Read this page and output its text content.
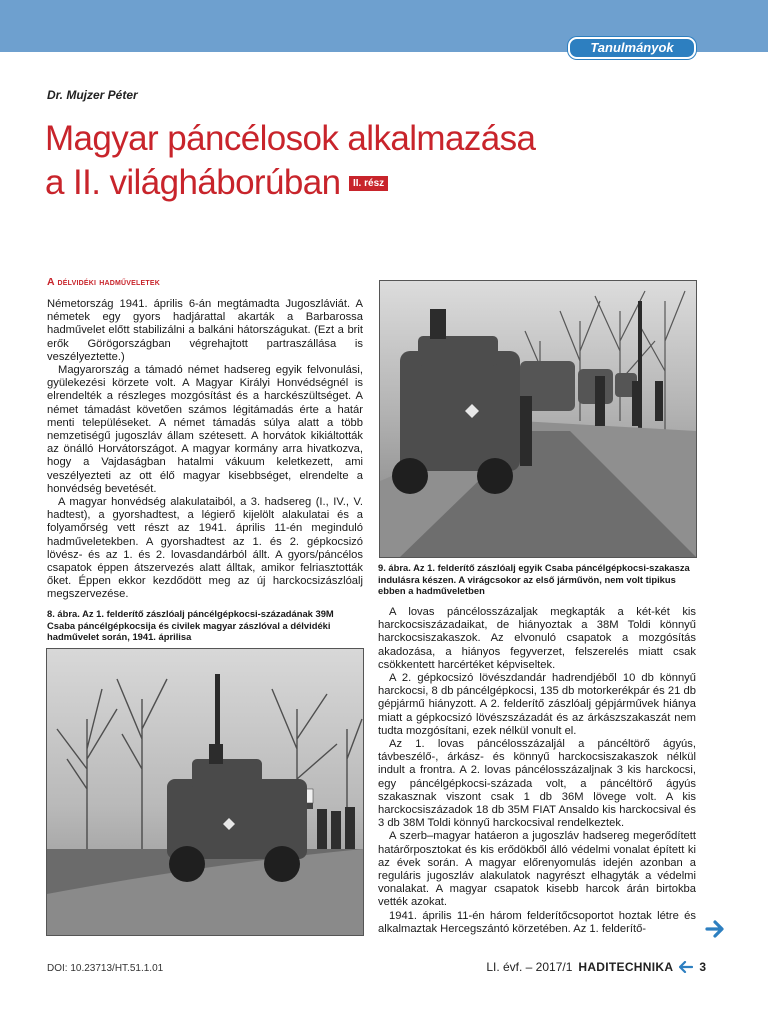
Tanulmányok
Dr. Mujzer Péter
Magyar páncélosok alkalmazása
a II. világháborúban	II. rész
A délvidéki hadműveletek

Németország 1941. április 6-án megtámadta Jugoszláviát. A németek egy gyors hadjárattal akarták a Barbarossa hadművelet előtt stabilizálni a balkáni hátországukat. (Ezt a brit erők Görögországban végrehajtott partraszállása is veszélyeztette.)

Magyarország a támadó német hadsereg egyik felvonulási, gyülekezési körzete volt. A Magyar Királyi Honvédségnél is elrendelték a részleges mozgósítást és a harckészültséget. A német támadást követően számos légitámadás érte a határ menti településeket. A német támadás súlya alatt a több nemzetiségű jugoszláv állam szétesett. A horvátok kikiáltották az önálló Horvátországot. A magyar kormány arra hivatkozva, hogy a Vajdaságban hatalmi vákuum keletkezett, ami veszélyezteti az ott élő magyar kisebbséget, elrendelte a honvédség bevetését.

A magyar honvédség alakulataiból, a 3. hadsereg (I., IV., V. hadtest), a gyorshadtest, a légierő kijelölt alakulatai és a folyamőrség vett részt az 1941. április 11-én meginduló hadműveletekben. A gyorshadtest az 1. és 2. gépkocsizó lövész- és az 1. és 2. lovasdandárból állt. A gyors/páncélos csapatok éppen átszervezés alatt álltak, amikor felriasztották őket. Éppen ekkor kezdődött meg az új harckocsizászlóalj megszervezése.

8. ábra. Az 1. felderítő zászlóalj páncélgépkocsi-századának 39M Csaba páncélgépkocsija és civilek magyar zászlóval a délvidéki hadművelet során, 1941. áprilisa
9. ábra. Az 1. felderítő zászlóalj egyik Csaba páncélgépkocsi-szakasza indulásra készen. A virágcsokor az első járművön, nem volt tipikus ebben a hadműveletben

A lovas páncélosszázaljak megkapták a két-két kis harckocsiszázadaikat, de hiányoztak a 38M Toldi könnyű harckocsiszakaszok. Az elvonuló csapatok a mozgósítás akadozása, a hiányos fegyverzet, felszerelés miatt csak csökkentett harcértéket képviseltek.

A 2. gépkocsizó lövészdandár hadrendjéből 10 db könnyű harckocsi, 8 db páncélgépkocsi, 135 db motorkerékpár és 21 db gépjármű hiányzott. A 2. felderítő zászlóalj gépjárművek hiánya miatt a gépkocsizó lövészszázadát és az árkászszakaszát nem tudta mozgósítani, ezek nélkül vonult el.

Az 1. lovas páncélosszázaljál a páncéltörő ágyús, távbeszélő-, árkász- és könnyű harckocsiszakaszok nélkül indult a frontra. A 2. lovas páncélosszázaljnak 3 kis harckocsi, egy páncélgépkocsi-százada volt, a páncéltörő ágyús szakasznak viszont csak 1 db 36M lövege volt. A kis harckocsiszázadok 18 db 35M FIAT Ansaldo kis harckocsival és 3 db 38M Toldi könnyű harckocsival rendelkeztek.

A szerb–magyar hatáeron a jugoszláv hadsereg megerődített határőrposztokat és kis erődökből álló védelmi vonalat épített ki az évek során. A magyar előrenyomulás idején azonban a reguláris jugoszláv alakulatok nagyrészt elhagyták a védelmi vonalakat. A magyar csapatok kisebb harcok árán birtokba vették azokat.

1941. április 11-én három felderítőcsoportot hoztak létre és alkalmaztak Hercegszántó körzetében. Az 1. felderítő-

DOI: 10.23713/HT.51.1.01	LI. évf. – 2017/1 HADITECHNIKA 3
